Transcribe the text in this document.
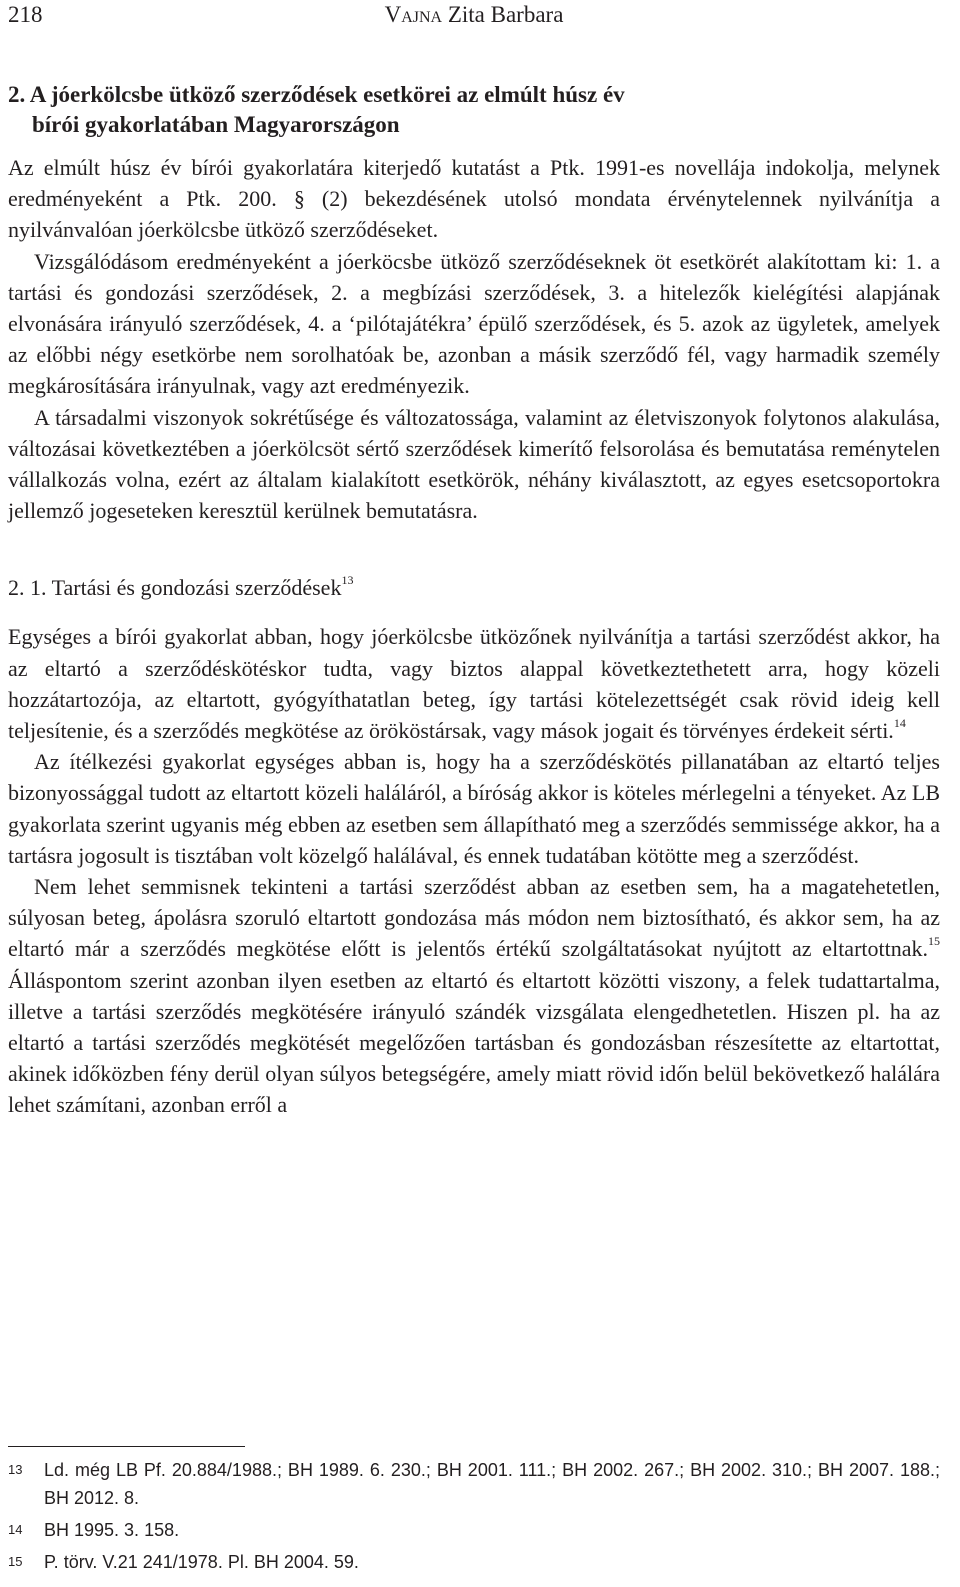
218	Vajna Zita Barbara
2. A jóerkölcsbe ütköző szerződések esetkörei az elmúlt húsz év
bírói gyakorlatában Magyarországon

Az elmúlt húsz év bírói gyakorlatára kiterjedő kutatást a Ptk. 1991-es novellája indokolja, melynek eredményeként a Ptk. 200. § (2) bekezdésének utolsó mondata érvénytelennek nyilvánítja a nyilvánvalóan jóerkölcsbe ütköző szerződéseket.

Vizsgálódásom eredményeként a jóerköcsbe ütköző szerződéseknek öt esetkörét alakítottam ki: 1. a tartási és gondozási szerződések, 2. a megbízási szerződések, 3. a hitelezők kielégítési alapjának elvonására irányuló szerződések, 4. a ‘pilótajátékra’ épülő szerződések, és 5. azok az ügyletek, amelyek az előbbi négy esetkörbe nem sorolhatóak be, azonban a másik szerződő fél, vagy harmadik személy megkárosítására irányulnak, vagy azt eredményezik.

A társadalmi viszonyok sokrétűsége és változatossága, valamint az életviszonyok folytonos alakulása, változásai következtében a jóerkölcsöt sértő szerződések kimerítő felsorolása és bemutatása reménytelen vállalkozás volna, ezért az általam kialakított esetkörök, néhány kiválasztott, az egyes esetcsoportokra jellemző jogeseteken keresztül kerülnek bemutatásra.

2. 1. Tartási és gondozási szerződések$^{13}$

Egységes a bírói gyakorlat abban, hogy jóerkölcsbe ütközőnek nyilvánítja a tartási szerződést akkor, ha az eltartó a szerződéskötéskor tudta, vagy biztos alappal következtethetett arra, hogy közeli hozzátartozója, az eltartott, gyógyíthatatlan beteg, így tartási kötelezettségét csak rövid ideig kell teljesítenie, és a szerződés megkötése az örököstársak, vagy mások jogait és törvényes érdekeit sérti.$^{14}$

Az ítélkezési gyakorlat egységes abban is, hogy ha a szerződéskötés pillanatában az eltartó teljes bizonyossággal tudott az eltartott közeli haláláról, a bíróság akkor is köteles mérlegelni a tényeket. Az LB gyakorlata szerint ugyanis még ebben az esetben sem állapítható meg a szerződés semmissége akkor, ha a tartásra jogosult is tisztában volt közelgő halálával, és ennek tudatában kötötte meg a szerződést.

Nem lehet semmisnek tekinteni a tartási szerződést abban az esetben sem, ha a magatehetetlen, súlyosan beteg, ápolásra szoruló eltartott gondozása más módon nem biztosítható, és akkor sem, ha az eltartó már a szerződés megkötése előtt is jelentős értékű szolgáltatásokat nyújtott az eltartottnak.$^{15}$ Álláspontom szerint azonban ilyen esetben az eltartó és eltartott közötti viszony, a felek tudattartalma, illetve a tartási szerződés megkötésére irányuló szándék vizsgálata elengedhetetlen. Hiszen pl. ha az eltartó a tartási szerződés megkötését megelőzően tartásban és gondozásban részesítette az eltartottat, akinek időközben fény derül olyan súlyos betegségére, amely miatt rövid időn belül bekövetkező halálára lehet számítani, azonban erről a

13	Ld. még LB Pf. 20.884/1988.; BH 1989. 6. 230.; BH 2001. 111.; BH 2002. 267.; BH 2002. 310.; BH 2007. 188.; BH 2012. 8.
14	BH 1995. 3. 158.
15	P. törv. V.21 241/1978. Pl. BH 2004. 59.
